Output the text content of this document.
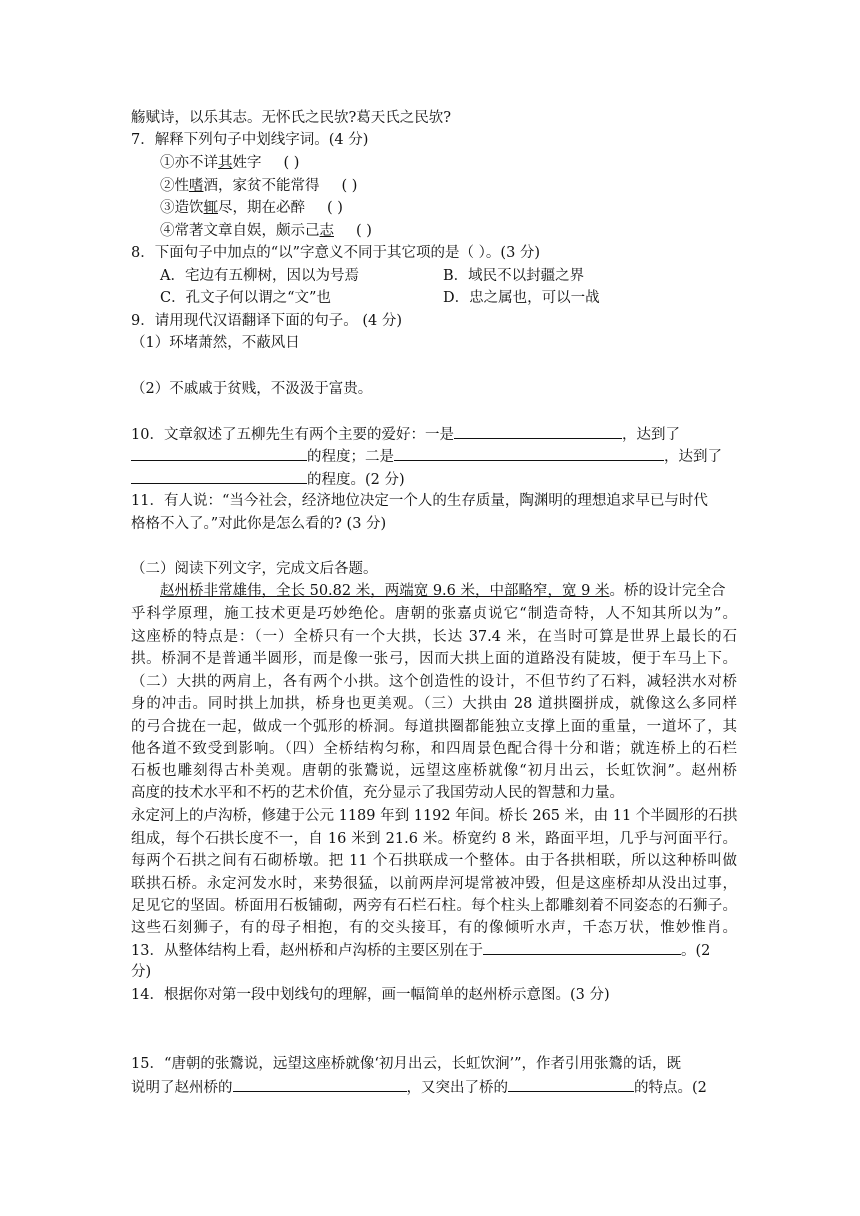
觞赋诗，以乐其志。无怀氏之民欤?葛天氏之民欤?
7．解释下列句子中划线字词。(4 分)
①亦不详其姓字 ( )
②性嗜酒，家贫不能常得 ( )
③造饮辄尽，期在必醉 ( )
④常著文章自娱，颇示己志 ( )
8．下面句子中加点的“以”字意义不同于其它项的是（ ）。(3 分)
A．宅边有五柳树，因以为号焉	B．域民不以封疆之界
C．孔文子何以谓之“文”也	D．忠之属也，可以一战
9．请用现代汉语翻译下面的句子。 (4 分)
（1）环堵萧然，不蔽风日
（2）不戚戚于贫贱，不汲汲于富贵。
10．文章叙述了五柳先生有两个主要的爱好：一是	，达到了
的程度；二是	，达到了
的程度。(2 分)
11．有人说：“当今社会，经济地位决定一个人的生存质量，陶渊明的理想追求早已与时代
格格不入了。”对此你是怎么看的? (3 分)
（二）阅读下列文字，完成文后各题。
赵州桥非常雄伟，全长 50.82 米，两端宽 9.6 米，中部略窄，宽 9 米。桥的设计完全合
乎科学原理，施工技术更是巧妙绝伦。唐朝的张嘉贞说它“制造奇特，人不知其所以为”。
这座桥的特点是：（一）全桥只有一个大拱，长达 37.4 米，在当时可算是世界上最长的石
拱。桥洞不是普通半圆形，而是像一张弓，因而大拱上面的道路没有陡坡，便于车马上下。
（二）大拱的两肩上，各有两个小拱。这个创造性的设计，不但节约了石料，减轻洪水对桥
身的冲击。同时拱上加拱，桥身也更美观。（三）大拱由 28 道拱圈拼成，就像这么多同样
的弓合拢在一起，做成一个弧形的桥洞。每道拱圈都能独立支撑上面的重量，一道坏了，其
他各道不致受到影响。（四）全桥结构匀称，和四周景色配合得十分和谐；就连桥上的石栏
石板也雕刻得古朴美观。唐朝的张鷟说，远望这座桥就像“初月出云，长虹饮涧”。赵州桥
高度的技术水平和不朽的艺术价值，充分显示了我国劳动人民的智慧和力量。
永定河上的卢沟桥，修建于公元 1189 年到 1192 年间。桥长 265 米，由 11 个半圆形的石拱
组成，每个石拱长度不一，自 16 米到 21.6 米。桥宽约 8 米，路面平坦，几乎与河面平行。
每两个石拱之间有石砌桥墩。把 11 个石拱联成一个整体。由于各拱相联，所以这种桥叫做
联拱石桥。永定河发水时，来势很猛，以前两岸河堤常被冲毁，但是这座桥却从没出过事，
足见它的坚固。桥面用石板铺砌，两旁有石栏石柱。每个柱头上都雕刻着不同姿态的石狮子。
这些石刻狮子，有的母子相抱，有的交头接耳，有的像倾听水声，千态万状，惟妙惟肖。
13．从整体结构上看，赵州桥和卢沟桥的主要区别在于	。(2
分)
14．根据你对第一段中划线句的理解，画一幅简单的赵州桥示意图。(3 分)
15．“唐朝的张鷟说，远望这座桥就像‘初月出云，长虹饮涧’”，作者引用张鷟的话，既
说明了赵州桥的	，又突出了桥的	的特点。(2
